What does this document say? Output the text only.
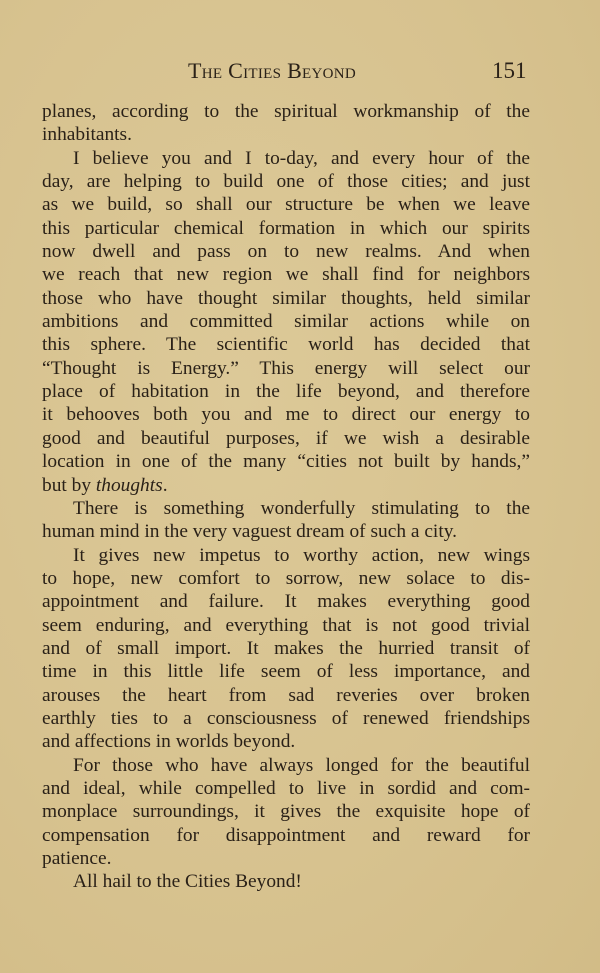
The Cities Beyond	151

planes, according to the spiritual workmanship of the
inhabitants.

I believe you and I to-day, and every hour of the
day, are helping to build one of those cities; and just
as we build, so shall our structure be when we leave
this particular chemical formation in which our spirits
now dwell and pass on to new realms. And when
we reach that new region we shall find for neighbors
those who have thought similar thoughts, held similar
ambitions and committed similar actions while on
this sphere. The scientific world has decided that
“Thought is Energy.” This energy will select our
place of habitation in the life beyond, and therefore
it behooves both you and me to direct our energy to
good and beautiful purposes, if we wish a desirable
location in one of the many “cities not built by hands,”
but by thoughts.

There is something wonderfully stimulating to the
human mind in the very vaguest dream of such a city.

It gives new impetus to worthy action, new wings
to hope, new comfort to sorrow, new solace to dis-
appointment and failure. It makes everything good
seem enduring, and everything that is not good trivial
and of small import. It makes the hurried transit of
time in this little life seem of less importance, and
arouses the heart from sad reveries over broken
earthly ties to a consciousness of renewed friendships
and affections in worlds beyond.

For those who have always longed for the beautiful
and ideal, while compelled to live in sordid and com-
monplace surroundings, it gives the exquisite hope of
compensation for disappointment and reward for
patience.

All hail to the Cities Beyond!
